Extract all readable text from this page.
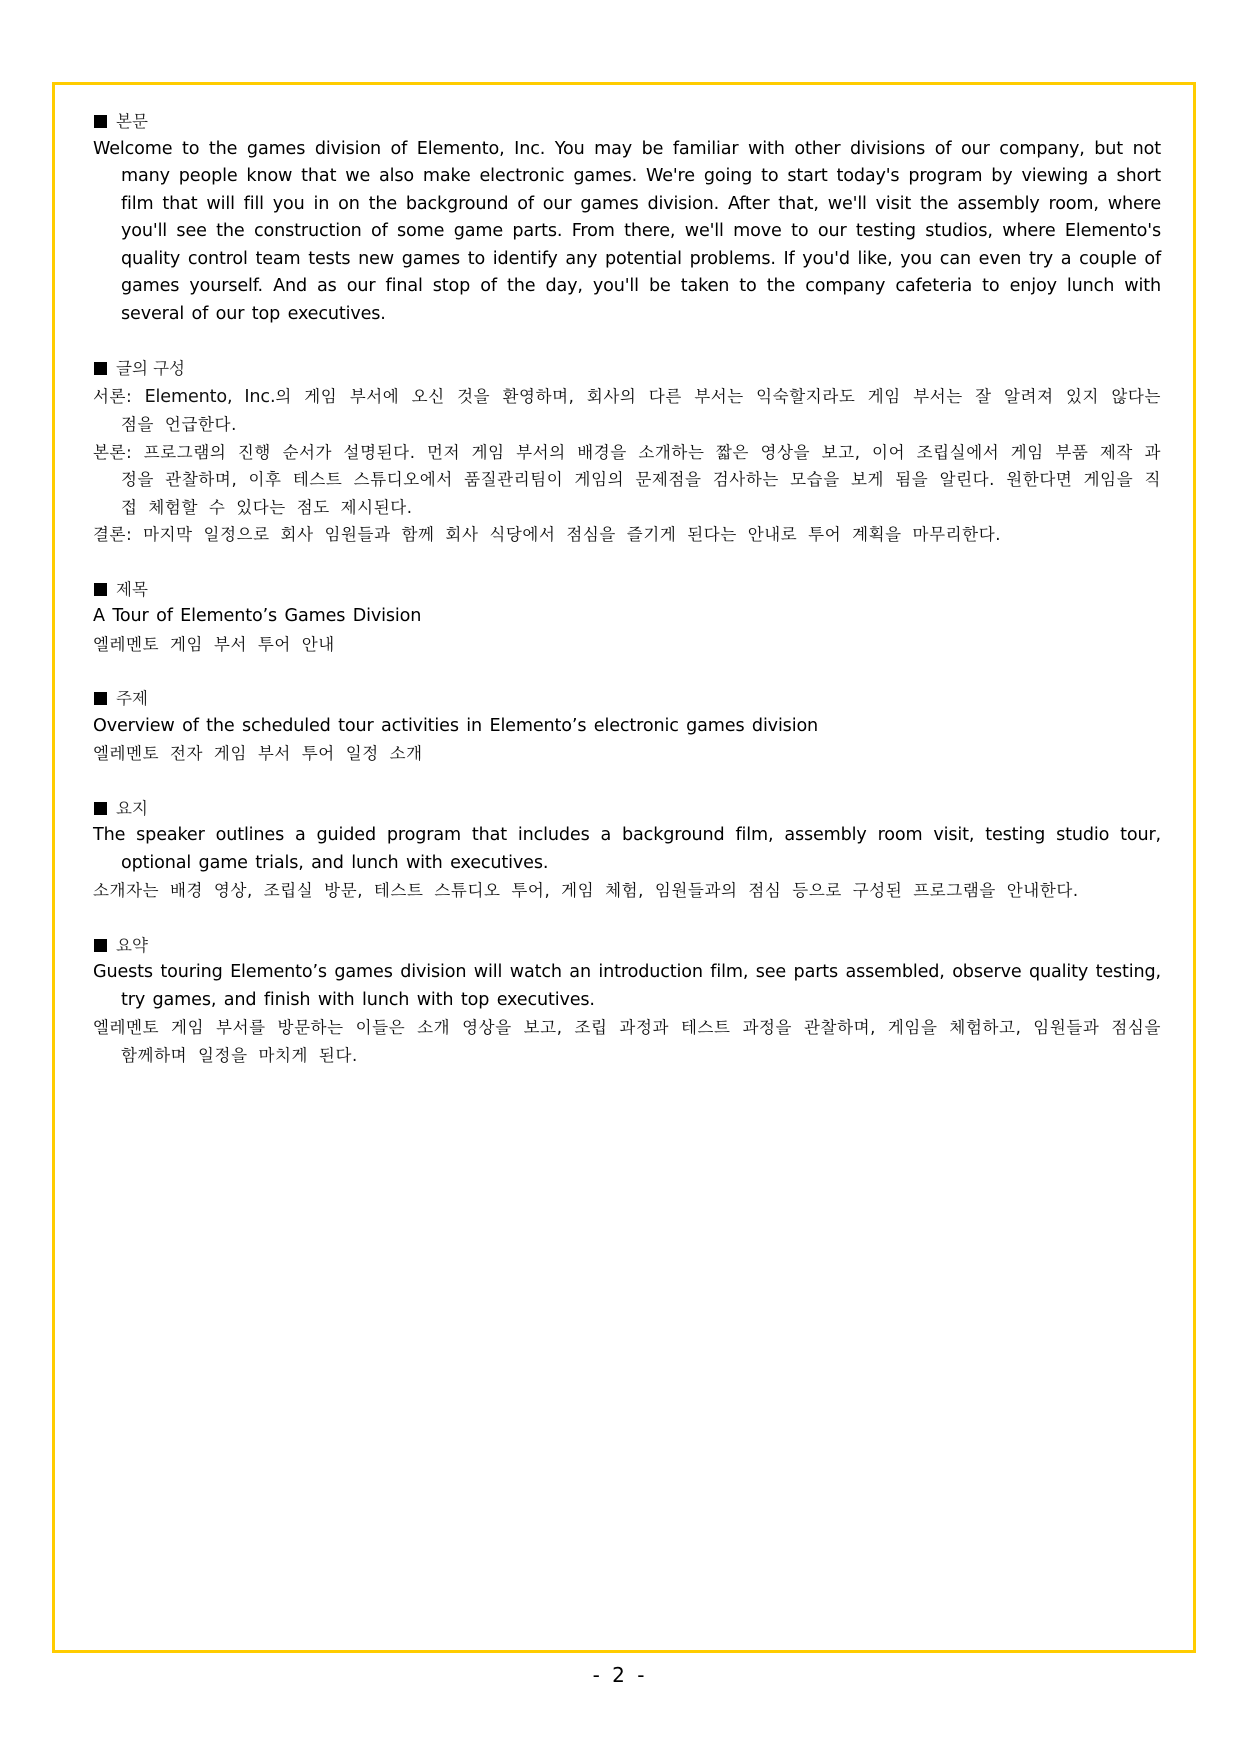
본문
Welcome to the games division of Elemento, Inc. You may be familiar with other divisions of our company, but not many people know that we also make electronic games. We're going to start today's program by viewing a short film that will fill you in on the background of our games division. After that, we'll visit the assembly room, where you'll see the construction of some game parts. From there, we'll move to our testing studios, where Elemento's quality control team tests new games to identify any potential problems. If you'd like, you can even try a couple of games yourself. And as our final stop of the day, you'll be taken to the company cafeteria to enjoy lunch with several of our top executives.
글의 구성
서론: Elemento, Inc.의 게임 부서에 오신 것을 환영하며, 회사의 다른 부서는 익숙할지라도 게임 부서는 잘 알려져 있지 않다는 점을 언급한다.
본론: 프로그램의 진행 순서가 설명된다. 먼저 게임 부서의 배경을 소개하는 짧은 영상을 보고, 이어 조립실에서 게임 부품 제작 과정을 관찰하며, 이후 테스트 스튜디오에서 품질관리팀이 게임의 문제점을 검사하는 모습을 보게 됨을 알린다. 원한다면 게임을 직접 체험할 수 있다는 점도 제시된다.
결론: 마지막 일정으로 회사 임원들과 함께 회사 식당에서 점심을 즐기게 된다는 안내로 투어 계획을 마무리한다.
제목
A Tour of Elemento’s Games Division
엘레멘토 게임 부서 투어 안내
주제
Overview of the scheduled tour activities in Elemento’s electronic games division
엘레멘토 전자 게임 부서 투어 일정 소개
요지
The speaker outlines a guided program that includes a background film, assembly room visit, testing studio tour, optional game trials, and lunch with executives.
소개자는 배경 영상, 조립실 방문, 테스트 스튜디오 투어, 게임 체험, 임원들과의 점심 등으로 구성된 프로그램을 안내한다.
요약
Guests touring Elemento’s games division will watch an introduction film, see parts assembled, observe quality testing, try games, and finish with lunch with top executives.
엘레멘토 게임 부서를 방문하는 이들은 소개 영상을 보고, 조립 과정과 테스트 과정을 관찰하며, 게임을 체험하고, 임원들과 점심을 함께하며 일정을 마치게 된다.
- 2 -
